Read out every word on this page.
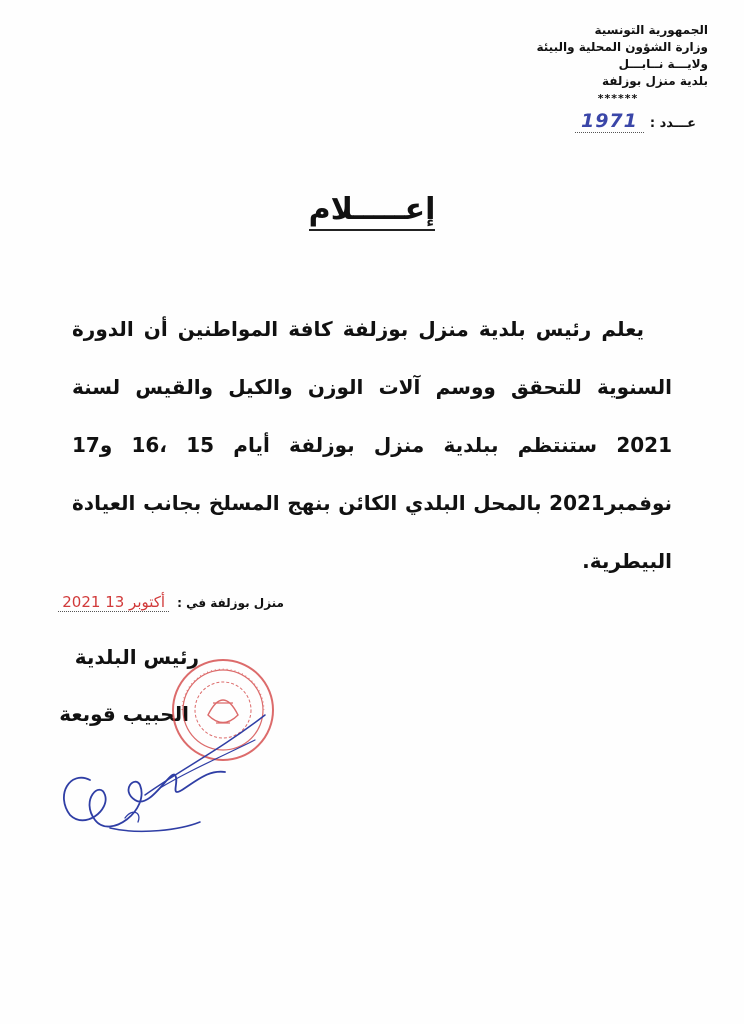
الجمهورية التونسية
وزارة الشؤون المحلية والبيئة
ولايـــة نــابـــل
بلدية منزل بوزلفة
******
عـــدد :
1971
إعـــــلام

يعلم رئيس بلدية منزل بوزلفة كافة المواطنين أن الدورة السنوية للتحقق ووسم آلات الوزن والكيل والقيس لسنة 2021 ستنتظم ببلدية منزل بوزلفة أيام 15 ،16 و17 نوفمبر2021 بالمحل البلدي الكائن بنهج المسلخ بجانب العيادة البيطرية.

منزل بوزلفة في :
2021 أكتوبر 13
رئيس البلدية
الحبيب قوبعة
